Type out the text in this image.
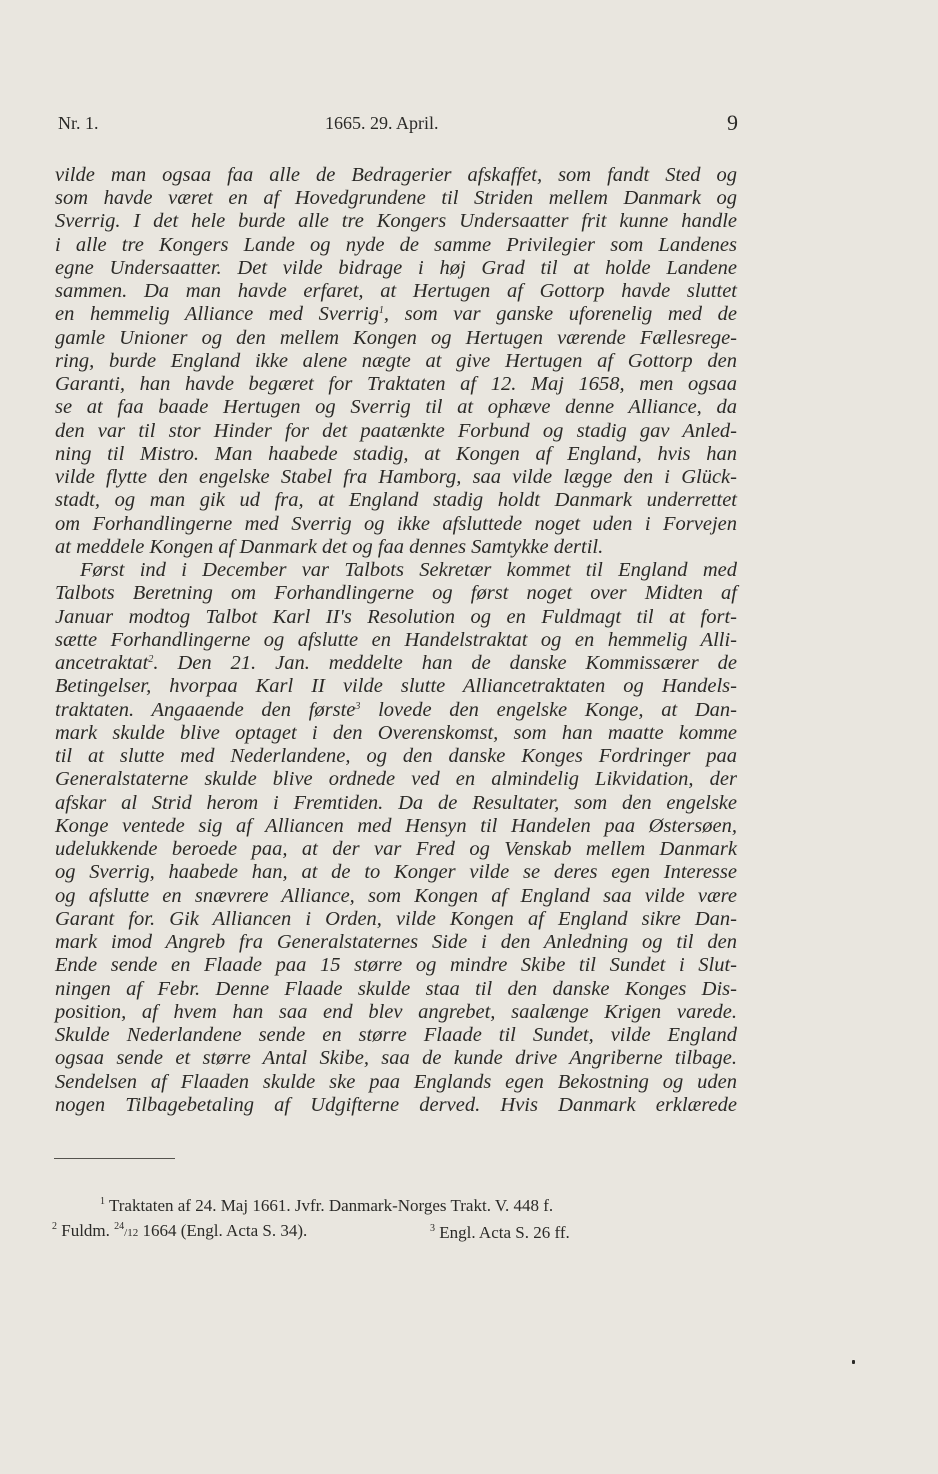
Nr. 1.	1665. 29. April.	9
vilde man ogsaa faa alle de Bedragerier afskaffet, som fandt Sted og
som havde været en af Hovedgrundene til Striden mellem Danmark og
Sverrig. I det hele burde alle tre Kongers Undersaatter frit kunne handle
i alle tre Kongers Lande og nyde de samme Privilegier som Landenes
egne Undersaatter. Det vilde bidrage i høj Grad til at holde Landene
sammen. Da man havde erfaret, at Hertugen af Gottorp havde sluttet
en hemmelig Alliance med Sverrig$^1$, som var ganske uforenelig med de
gamle Unioner og den mellem Kongen og Hertugen værende Fællesrege-
ring, burde England ikke alene nægte at give Hertugen af Gottorp den
Garanti, han havde begæret for Traktaten af 12. Maj 1658, men ogsaa
se at faa baade Hertugen og Sverrig til at ophæve denne Alliance, da
den var til stor Hinder for det paatænkte Forbund og stadig gav Anled-
ning til Mistro. Man haabede stadig, at Kongen af England, hvis han
vilde flytte den engelske Stabel fra Hamborg, saa vilde lægge den i Glück-
stadt, og man gik ud fra, at England stadig holdt Danmark underrettet
om Forhandlingerne med Sverrig og ikke afsluttede noget uden i Forvejen
at meddele Kongen af Danmark det og faa dennes Samtykke dertil.
Først ind i December var Talbots Sekretær kommet til England med
Talbots Beretning om Forhandlingerne og først noget over Midten af
Januar modtog Talbot Karl II's Resolution og en Fuldmagt til at fort-
sætte Forhandlingerne og afslutte en Handelstraktat og en hemmelig Alli-
ancetraktat$^2$. Den 21. Jan. meddelte han de danske Kommissærer de
Betingelser, hvorpaa Karl II vilde slutte Alliancetraktaten og Handels-
traktaten. Angaaende den første$^3$ lovede den engelske Konge, at Dan-
mark skulde blive optaget i den Overenskomst, som han maatte komme
til at slutte med Nederlandene, og den danske Konges Fordringer paa
Generalstaterne skulde blive ordnede ved en almindelig Likvidation, der
afskar al Strid herom i Fremtiden. Da de Resultater, som den engelske
Konge ventede sig af Alliancen med Hensyn til Handelen paa Østersøen,
udelukkende beroede paa, at der var Fred og Venskab mellem Danmark
og Sverrig, haabede han, at de to Konger vilde se deres egen Interesse
og afslutte en snævrere Alliance, som Kongen af England saa vilde være
Garant for. Gik Alliancen i Orden, vilde Kongen af England sikre Dan-
mark imod Angreb fra Generalstaternes Side i den Anledning og til den
Ende sende en Flaade paa 15 større og mindre Skibe til Sundet i Slut-
ningen af Febr. Denne Flaade skulde staa til den danske Konges Dis-
position, af hvem han saa end blev angrebet, saalænge Krigen varede.
Skulde Nederlandene sende en større Flaade til Sundet, vilde England
ogsaa sende et større Antal Skibe, saa de kunde drive Angriberne tilbage.
Sendelsen af Flaaden skulde ske paa Englands egen Bekostning og uden
nogen Tilbagebetaling af Udgifterne derved. Hvis Danmark erklærede
$^1$ Traktaten af 24. Maj 1661. Jvfr. Danmark-Norges Trakt. V. 448 f.
$^2$ Fuldm. $^{24}$/12 1664 (Engl. Acta S. 34).	$^3$ Engl. Acta S. 26 ff.
